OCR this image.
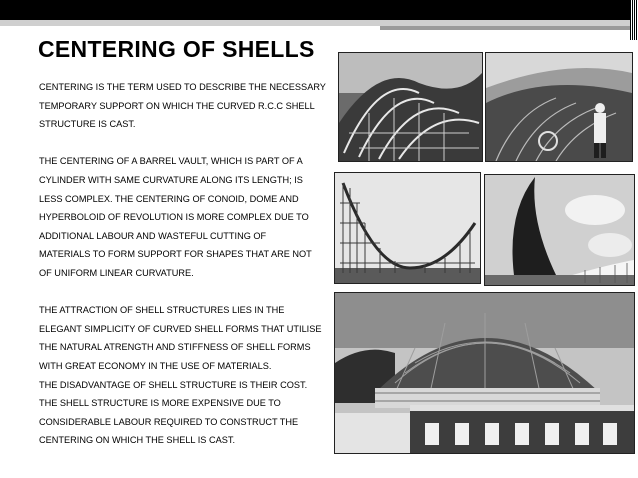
CENTERING OF SHELLS

CENTERING IS THE TERM USED TO DESCRIBE THE NECESSARY
TEMPORARY SUPPORT ON WHICH THE CURVED R.C.C SHELL
STRUCTURE IS CAST.

THE CENTERING OF A BARREL VAULT, WHICH IS PART OF A
CYLINDER WITH SAME CURVATURE ALONG ITS LENGTH; IS
LESS COMPLEX. THE CENTERING OF CONOID, DOME AND
HYPERBOLOID OF REVOLUTION IS MORE COMPLEX DUE TO
ADDITIONAL LABOUR AND WASTEFUL CUTTING OF
MATERIALS TO FORM SUPPORT FOR SHAPES THAT ARE NOT
OF UNIFORM LINEAR CURVATURE.

THE ATTRACTION OF SHELL STRUCTURES LIES IN THE
ELEGANT SIMPLICITY OF CURVED SHELL FORMS THAT UTILISE
THE NATURAL ATRENGTH AND STIFFNESS OF SHELL FORMS
WITH GREAT ECONOMY IN THE USE OF MATERIALS.
THE DISADVANTAGE OF SHELL STRUCTURE IS THEIR COST.
THE SHELL STRUCTURE IS MORE EXPENSIVE DUE TO
CONSIDERABLE LABOUR REQUIRED TO CONSTRUCT THE
CENTERING ON WHICH THE SHELL IS CAST.
